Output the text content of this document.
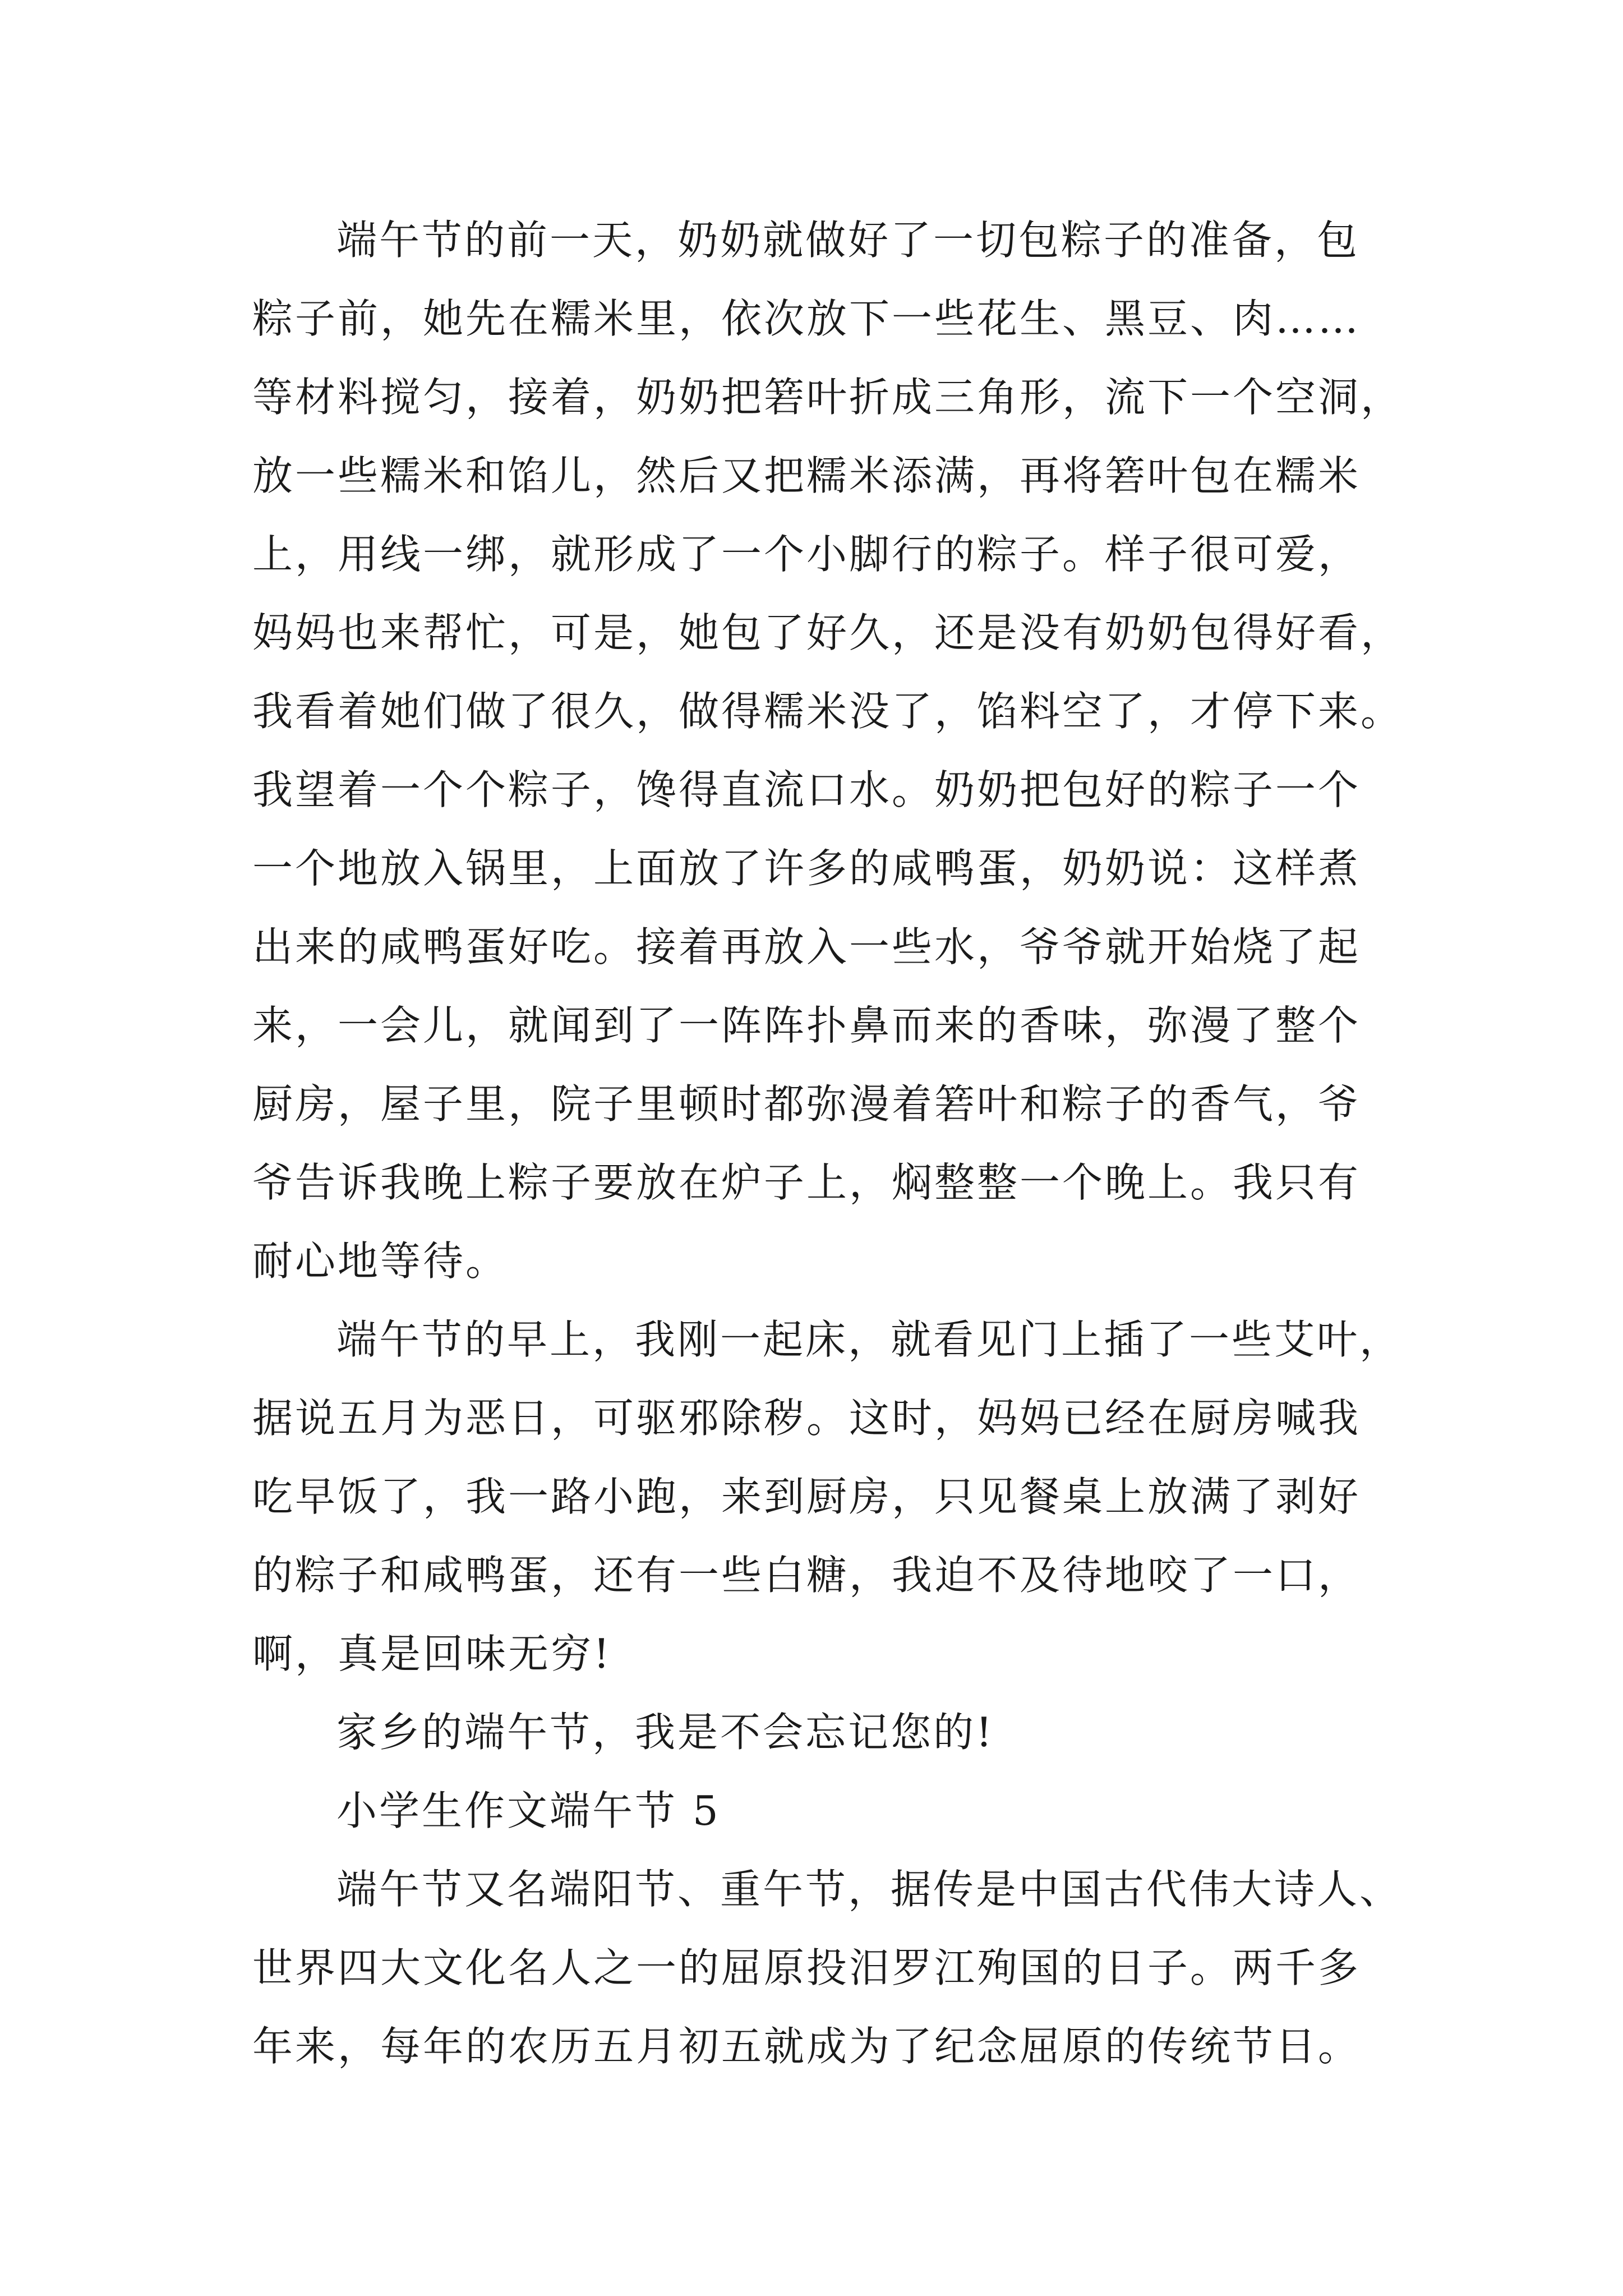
端午节的前一天，奶奶就做好了一切包粽子的准备，包
粽子前，她先在糯米里，依次放下一些花生、黑豆、肉……
等材料搅匀，接着，奶奶把箬叶折成三角形，流下一个空洞，
放一些糯米和馅儿，然后又把糯米添满，再将箬叶包在糯米
上，用线一绑，就形成了一个小脚行的粽子。样子很可爱，
妈妈也来帮忙，可是，她包了好久，还是没有奶奶包得好看，
我看着她们做了很久，做得糯米没了，馅料空了，才停下来。
我望着一个个粽子，馋得直流口水。奶奶把包好的粽子一个
一个地放入锅里，上面放了许多的咸鸭蛋，奶奶说：这样煮
出来的咸鸭蛋好吃。接着再放入一些水，爷爷就开始烧了起
来，一会儿，就闻到了一阵阵扑鼻而来的香味，弥漫了整个
厨房，屋子里，院子里顿时都弥漫着箬叶和粽子的香气，爷
爷告诉我晚上粽子要放在炉子上，焖整整一个晚上。我只有
耐心地等待。
端午节的早上，我刚一起床，就看见门上插了一些艾叶，
据说五月为恶日，可驱邪除秽。这时，妈妈已经在厨房喊我
吃早饭了，我一路小跑，来到厨房，只见餐桌上放满了剥好
的粽子和咸鸭蛋，还有一些白糖，我迫不及待地咬了一口，
啊，真是回味无穷!
家乡的端午节，我是不会忘记您的!
小学生作文端午节 5
端午节又名端阳节、重午节，据传是中国古代伟大诗人、
世界四大文化名人之一的屈原投汨罗江殉国的日子。两千多
年来，每年的农历五月初五就成为了纪念屈原的传统节日。
